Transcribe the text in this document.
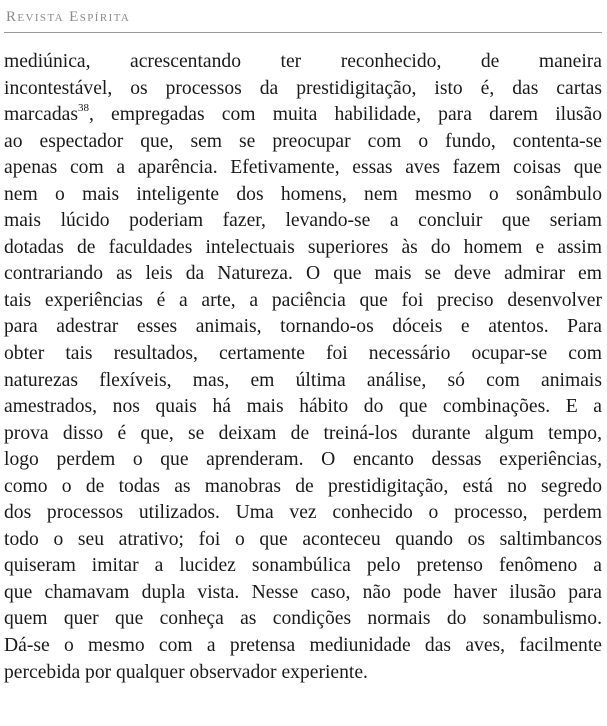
Revista Espírita
mediúnica, acrescentando ter reconhecido, de maneira
incontestável, os processos da prestidigitação, isto é, das cartas
marcadas$^{38}$, empregadas com muita habilidade, para darem ilusão
ao espectador que, sem se preocupar com o fundo, contenta-se
apenas com a aparência. Efetivamente, essas aves fazem coisas que
nem o mais inteligente dos homens, nem mesmo o sonâmbulo
mais lúcido poderiam fazer, levando-se a concluir que seriam
dotadas de faculdades intelectuais superiores às do homem e assim
contrariando as leis da Natureza. O que mais se deve admirar em
tais experiências é a arte, a paciência que foi preciso desenvolver
para adestrar esses animais, tornando-os dóceis e atentos. Para
obter tais resultados, certamente foi necessário ocupar-se com
naturezas flexíveis, mas, em última análise, só com animais
amestrados, nos quais há mais hábito do que combinações. E a
prova disso é que, se deixam de treiná-los durante algum tempo,
logo perdem o que aprenderam. O encanto dessas experiências,
como o de todas as manobras de prestidigitação, está no segredo
dos processos utilizados. Uma vez conhecido o processo, perdem
todo o seu atrativo; foi o que aconteceu quando os saltimbancos
quiseram imitar a lucidez sonambúlica pelo pretenso fenômeno a
que chamavam dupla vista. Nesse caso, não pode haver ilusão para
quem quer que conheça as condições normais do sonambulismo.
Dá-se o mesmo com a pretensa mediunidade das aves, facilmente
percebida por qualquer observador experiente.
